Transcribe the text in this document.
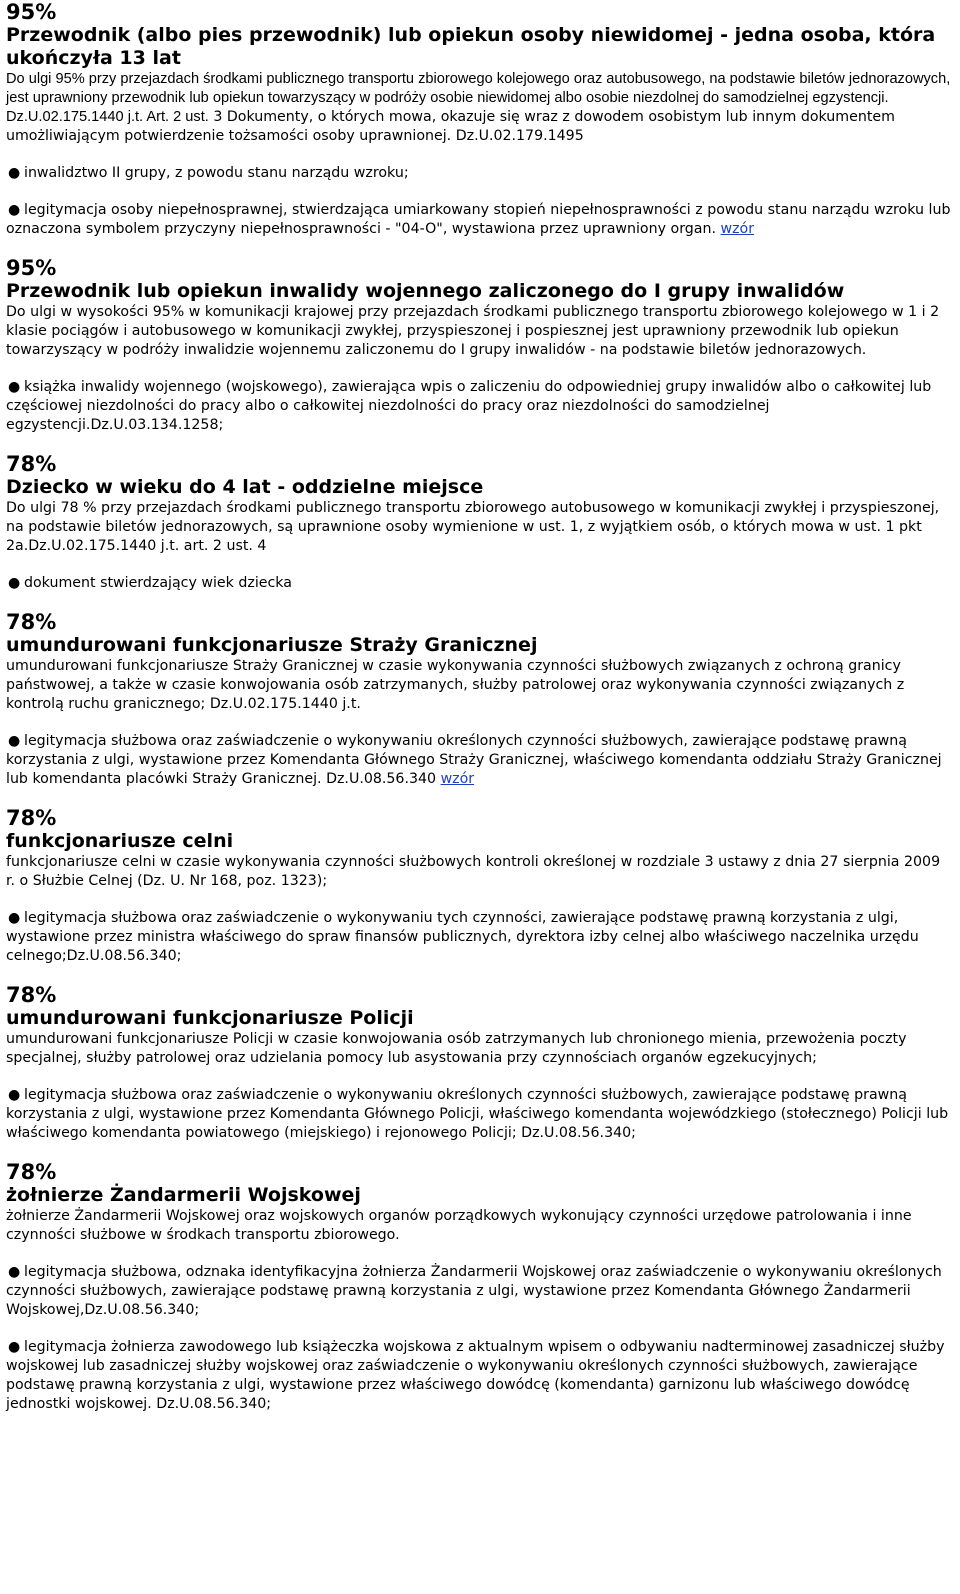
95%
Przewodnik (albo pies przewodnik) lub opiekun osoby niewidomej - jedna osoba, która ukończyła 13 lat
Do ulgi 95% przy przejazdach środkami publicznego transportu zbiorowego kolejowego oraz autobusowego, na podstawie biletów jednorazowych, jest uprawniony przewodnik lub opiekun towarzyszący w podróży osobie niewidomej albo osobie niezdolnej do samodzielnej egzystencji. Dz.U.02.175.1440 j.t. Art. 2 ust. 3 Dokumenty, o których mowa, okazuje się wraz z dowodem osobistym lub innym dokumentem umożliwiającym potwierdzenie tożsamości osoby uprawnionej. Dz.U.02.179.1495
● inwalidztwo II grupy, z powodu stanu narządu wzroku;
● legitymacja osoby niepełnosprawnej, stwierdzająca umiarkowany stopień niepełnosprawności z powodu stanu narządu wzroku lub oznaczona symbolem przyczyny niepełnosprawności - "04-O", wystawiona przez uprawniony organ. wzór
95%
Przewodnik lub opiekun inwalidy wojennego zaliczonego do I grupy inwalidów
Do ulgi w wysokości 95% w komunikacji krajowej przy przejazdach środkami publicznego transportu zbiorowego kolejowego w 1 i 2 klasie pociągów i autobusowego w komunikacji zwykłej, przyspieszonej i pospiesznej jest uprawniony przewodnik lub opiekun towarzyszący w podróży inwalidzie wojennemu zaliczonemu do I grupy inwalidów - na podstawie biletów jednorazowych.
● książka inwalidy wojennego (wojskowego), zawierająca wpis o zaliczeniu do odpowiedniej grupy inwalidów albo o całkowitej lub częściowej niezdolności do pracy albo o całkowitej niezdolności do pracy oraz niezdolności do samodzielnej egzystencji.Dz.U.03.134.1258;
78%
Dziecko w wieku do 4 lat - oddzielne miejsce
Do ulgi 78 % przy przejazdach środkami publicznego transportu zbiorowego autobusowego w komunikacji zwykłej i przyspieszonej, na podstawie biletów jednorazowych, są uprawnione osoby wymienione w ust. 1, z wyjątkiem osób, o których mowa w ust. 1 pkt 2a.Dz.U.02.175.1440 j.t. art. 2 ust. 4
● dokument stwierdzający wiek dziecka
78%
umundurowani funkcjonariusze Straży Granicznej
umundurowani funkcjonariusze Straży Granicznej w czasie wykonywania czynności służbowych związanych z ochroną granicy państwowej, a także w czasie konwojowania osób zatrzymanych, służby patrolowej oraz wykonywania czynności związanych z kontrolą ruchu granicznego; Dz.U.02.175.1440 j.t.
● legitymacja służbowa oraz zaświadczenie o wykonywaniu określonych czynności służbowych, zawierające podstawę prawną korzystania z ulgi, wystawione przez Komendanta Głównego Straży Granicznej, właściwego komendanta oddziału Straży Granicznej lub komendanta placówki Straży Granicznej. Dz.U.08.56.340 wzór
78%
funkcjonariusze celni
funkcjonariusze celni w czasie wykonywania czynności służbowych kontroli określonej w rozdziale 3 ustawy z dnia 27 sierpnia 2009 r. o Służbie Celnej (Dz. U. Nr 168, poz. 1323);
● legitymacja służbowa oraz zaświadczenie o wykonywaniu tych czynności, zawierające podstawę prawną korzystania z ulgi, wystawione przez ministra właściwego do spraw finansów publicznych, dyrektora izby celnej albo właściwego naczelnika urzędu celnego;Dz.U.08.56.340;
78%
umundurowani funkcjonariusze Policji
umundurowani funkcjonariusze Policji w czasie konwojowania osób zatrzymanych lub chronionego mienia, przewożenia poczty specjalnej, służby patrolowej oraz udzielania pomocy lub asystowania przy czynnościach organów egzekucyjnych;
● legitymacja służbowa oraz zaświadczenie o wykonywaniu określonych czynności służbowych, zawierające podstawę prawną korzystania z ulgi, wystawione przez Komendanta Głównego Policji, właściwego komendanta wojewódzkiego (stołecznego) Policji lub właściwego komendanta powiatowego (miejskiego) i rejonowego Policji; Dz.U.08.56.340;
78%
żołnierze Żandarmerii Wojskowej
żołnierze Żandarmerii Wojskowej oraz wojskowych organów porządkowych wykonujący czynności urzędowe patrolowania i inne czynności służbowe w środkach transportu zbiorowego.
● legitymacja służbowa, odznaka identyfikacyjna żołnierza Żandarmerii Wojskowej oraz zaświadczenie o wykonywaniu określonych czynności służbowych, zawierające podstawę prawną korzystania z ulgi, wystawione przez Komendanta Głównego Żandarmerii Wojskowej,Dz.U.08.56.340;
● legitymacja żołnierza zawodowego lub książeczka wojskowa z aktualnym wpisem o odbywaniu nadterminowej zasadniczej służby wojskowej lub zasadniczej służby wojskowej oraz zaświadczenie o wykonywaniu określonych czynności służbowych, zawierające podstawę prawną korzystania z ulgi, wystawione przez właściwego dowódcę (komendanta) garnizonu lub właściwego dowódcę jednostki wojskowej. Dz.U.08.56.340;
